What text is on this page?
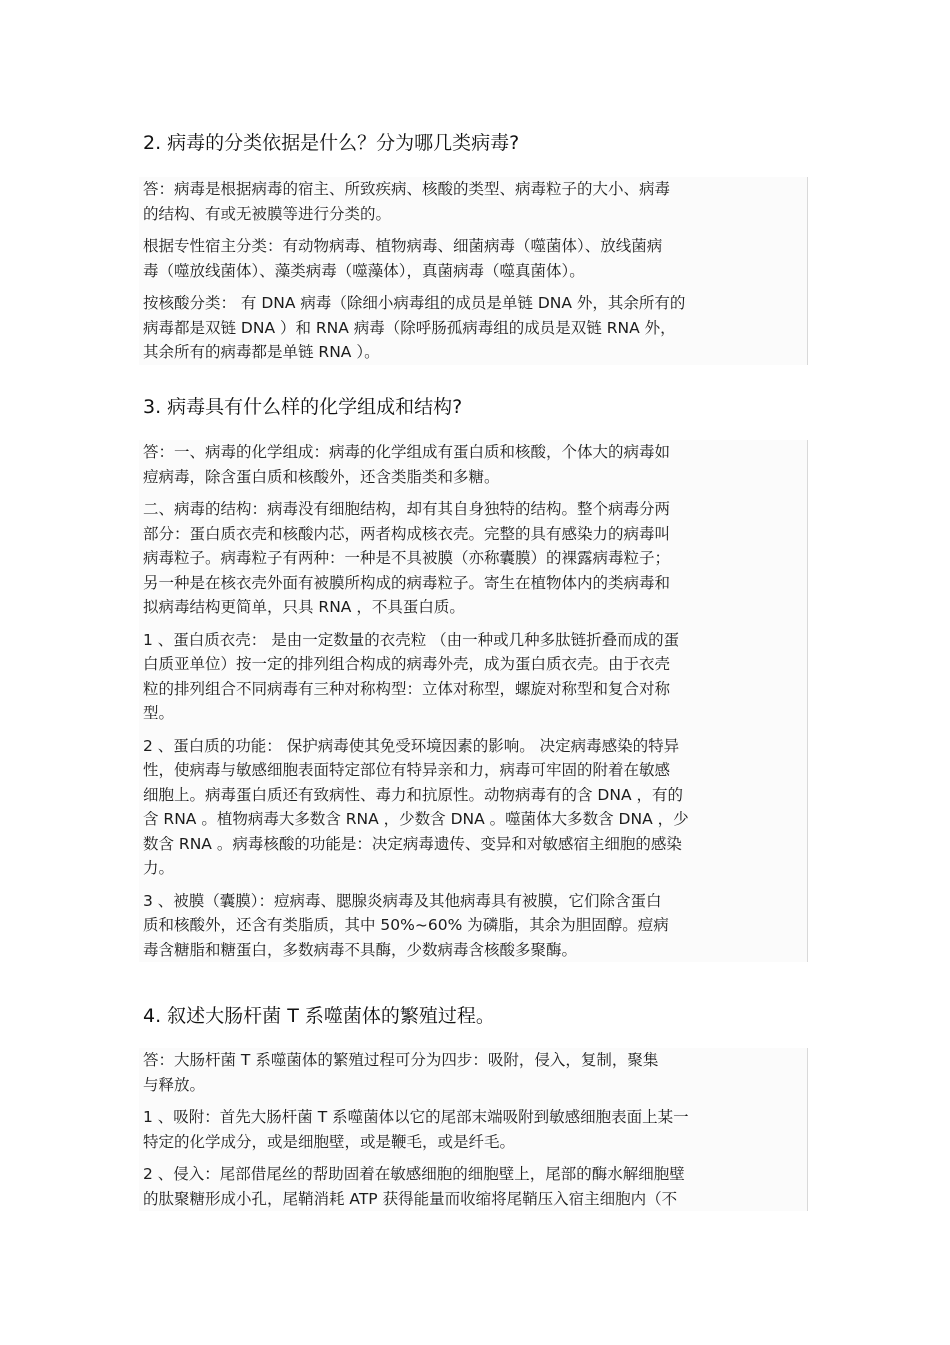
2. 病毒的分类依据是什么？分为哪几类病毒?
答：病毒是根据病毒的宿主、所致疾病、核酸的类型、病毒粒子的大小、病毒
的结构、有或无被膜等进行分类的。
根据专性宿主分类：有动物病毒、植物病毒、细菌病毒（噬菌体）、放线菌病
毒（噬放线菌体）、藻类病毒（噬藻体），真菌病毒（噬真菌体）。
按核酸分类： 有 DNA 病毒（除细小病毒组的成员是单链 DNA 外，其余所有的
病毒都是双链 DNA ）和 RNA 病毒（除呼肠孤病毒组的成员是双链 RNA 外，
其余所有的病毒都是单链 RNA ）。
3. 病毒具有什么样的化学组成和结构?
答：一、病毒的化学组成：病毒的化学组成有蛋白质和核酸，个体大的病毒如
痘病毒，除含蛋白质和核酸外，还含类脂类和多糖。
二、病毒的结构：病毒没有细胞结构，却有其自身独特的结构。整个病毒分两
部分：蛋白质衣壳和核酸内芯，两者构成核衣壳。完整的具有感染力的病毒叫
病毒粒子。病毒粒子有两种：一种是不具被膜（亦称囊膜）的裸露病毒粒子；
另一种是在核衣壳外面有被膜所构成的病毒粒子。寄生在植物体内的类病毒和
拟病毒结构更简单，只具 RNA ，不具蛋白质。
1 、蛋白质衣壳： 是由一定数量的衣壳粒 （由一种或几种多肽链折叠而成的蛋
白质亚单位）按一定的排列组合构成的病毒外壳，成为蛋白质衣壳。由于衣壳
粒的排列组合不同病毒有三种对称构型：立体对称型，螺旋对称型和复合对称
型。
2 、蛋白质的功能： 保护病毒使其免受环境因素的影响。 决定病毒感染的特异
性，使病毒与敏感细胞表面特定部位有特异亲和力，病毒可牢固的附着在敏感
细胞上。病毒蛋白质还有致病性、毒力和抗原性。动物病毒有的含 DNA ，有的
含 RNA 。植物病毒大多数含 RNA ，少数含 DNA 。噬菌体大多数含 DNA ，少
数含 RNA 。病毒核酸的功能是：决定病毒遗传、变异和对敏感宿主细胞的感染
力。
3 、被膜（囊膜）：痘病毒、腮腺炎病毒及其他病毒具有被膜，它们除含蛋白
质和核酸外，还含有类脂质，其中 50%~60% 为磷脂，其余为胆固醇。痘病
毒含糖脂和糖蛋白，多数病毒不具酶，少数病毒含核酸多聚酶。
4. 叙述大肠杆菌 T 系噬菌体的繁殖过程。
答：大肠杆菌 T 系噬菌体的繁殖过程可分为四步：吸附，侵入，复制，聚集
与释放。
1 、吸附：首先大肠杆菌 T 系噬菌体以它的尾部末端吸附到敏感细胞表面上某一
特定的化学成分，或是细胞壁，或是鞭毛，或是纤毛。
2 、侵入：尾部借尾丝的帮助固着在敏感细胞的细胞壁上，尾部的酶水解细胞壁
的肽聚糖形成小孔，尾鞘消耗 ATP 获得能量而收缩将尾鞘压入宿主细胞内（不
